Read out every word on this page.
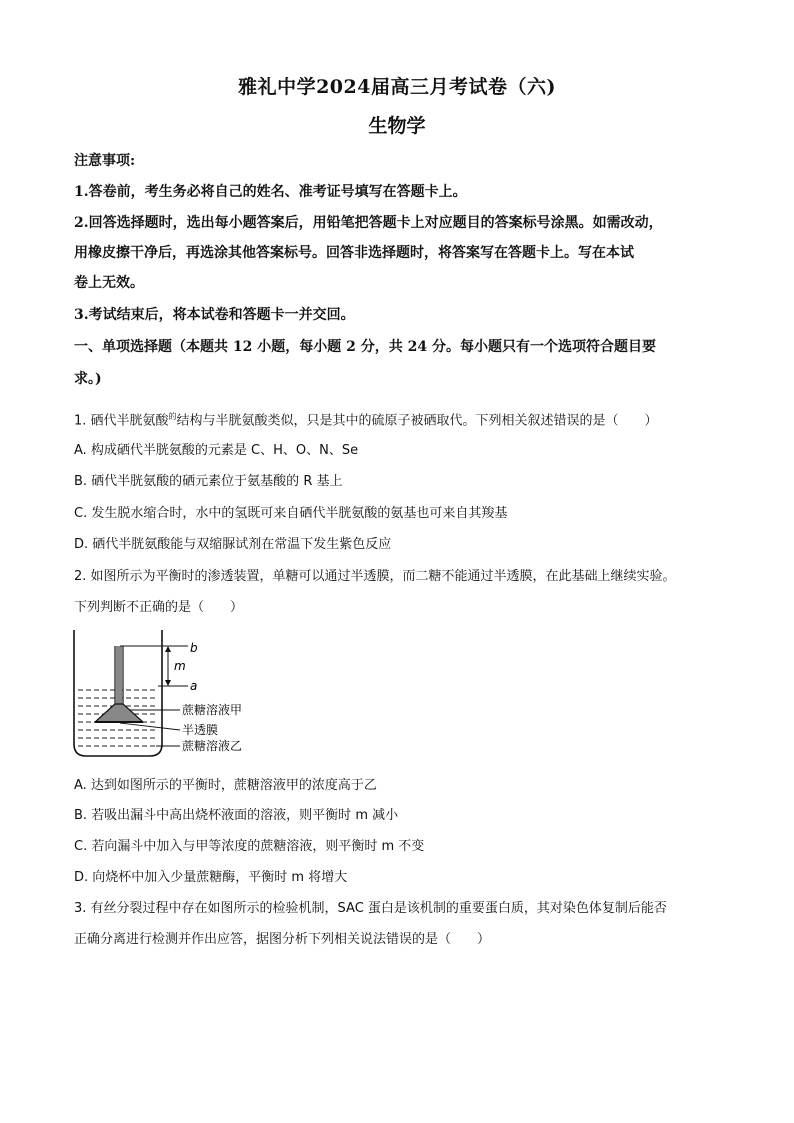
雅礼中学2024届高三月考试卷（六)
生物学
注意事项:
1.答卷前，考生务必将自己的姓名、准考证号填写在答题卡上。
2.回答选择题时，选出每小题答案后，用铅笔把答题卡上对应题目的答案标号涂黑。如需改动，
用橡皮擦干净后，再选涂其他答案标号。回答非选择题时，将答案写在答题卡上。写在本试
卷上无效。
3.考试结束后，将本试卷和答题卡一并交回。
一、单项选择题（本题共 12 小题，每小题 2 分，共 24 分。每小题只有一个选项符合题目要
求。)
1. 硒代半胱氨酸$^的$结构与半胱氨酸类似，只是其中的硫原子被硒取代。下列相关叙述错误的是（　　）
A. 构成硒代半胱氨酸的元素是 C、H、O、N、Se
B. 硒代半胱氨酸的硒元素位于氨基酸的 R 基上
C. 发生脱水缩合时，水中的氢既可来自硒代半胱氨酸的氨基也可来自其羧基
D. 硒代半胱氨酸能与双缩脲试剂在常温下发生紫色反应
2. 如图所示为平衡时的渗透装置，单糖可以通过半透膜，而二糖不能通过半透膜，在此基础上继续实验。
下列判断不正确的是（　　）
b
m
a
蔗糖溶液甲
半透膜
蔗糖溶液乙
A. 达到如图所示的平衡时，蔗糖溶液甲的浓度高于乙
B. 若吸出漏斗中高出烧杯液面的溶液，则平衡时 m 减小
C. 若向漏斗中加入与甲等浓度的蔗糖溶液，则平衡时 m 不变
D. 向烧杯中加入少量蔗糖酶，平衡时 m 将增大
3. 有丝分裂过程中存在如图所示的检验机制，SAC 蛋白是该机制的重要蛋白质，其对染色体复制后能否
正确分离进行检测并作出应答，据图分析下列相关说法错误的是（　　）
